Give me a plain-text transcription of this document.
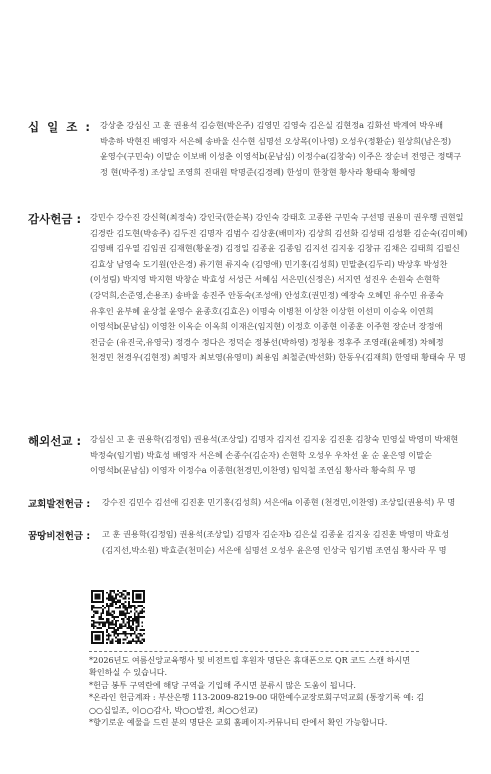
십 일 조 : 강상춘 강심신 고 훈 권용석 김승현(박은주) 김영민 김영숙 김은실 김현정a 김화선 박계여 박우배 박총하 박현진 배영자 서은혜 송바울 신수현 심명선 오상목(이나영) 오성우(정환순) 원상희(남은정) 윤영수(구민숙) 이말순 이보배 이성춘 이영석b(문남심) 이정수a(김창숙) 이주은 장순녀 전영근 정택구 정 현(박주정) 조상일 조영희 진대원 탁명준(김경례) 한성미 한창현 황사라 황태숙 황혜영
감사헌금 :	강민수 강수진 강신혁(최정숙) 강인국(한순복) 강인숙 강태호 고종완 구민숙 구선명 권용미 권우행 권현일 김경란 김도현(박송주) 김두진 김명자 김범수 김상훈(배미자) 김상희 김선화 김성태 김성환 김순숙(김미혜) 김영배 김우열 김임권 김재현(황윤경) 김정일 김종윤 김종임 김지선 김지웅 김창규 김채은 김태희 김필신 김효상 남영숙 도기원(안은경) 류기현 류지숙 (김영애) 민기홍(김성희) 민말춘(김두리) 박상후 박성찬(이성림) 박지영 박지현 박창순 박효성 서성근 서혜심 서은민(신정은) 서지연 성진우 손원숙 손현학(강덕희,손준영,손용조) 송바울 송진주 안동숙(조성애) 안성호(권민정) 예장숙 오혜민 유수민 유종숙 유후인 윤부혜 윤상철 윤영수 윤종호(김효은) 이명숙 이병천 이상찬 이상헌 이선미 이승옥 이연희 이영석b(문남심) 이영찬 이옥순 이옥희 이재은(임지현) 이정호 이종현 이종훈 이주현 장순녀 장정애 전금순 (유진국,유영국) 정경수 정다은 정덕순 정봉선(박하영) 정청용 정후주 조영래(윤혜정) 차혜정 천경민 천경우(김현정) 최명자 최보영(유영미) 최용임 최철준(박선화) 한동우(김재희) 한영태 황태숙 무 명
해외선교 :	강심신 고 훈 권용학(김정임) 권용석(조상일) 김명자 김지선 김지웅 김진훈 김창숙 민영실 박영미 박채현 박정숙(임기범) 박효성 배영자 서은혜 손종수(김순자) 손현학 오성우 우차선 윤 순 윤은영 이말순 이영석b(문남심) 이영자 이정수a 이종현(천경민,이찬영) 임익철 조연심 황사라 황숙희 무 명
교회발전헌금 :	강수진 김민수 김선애 김진훈 민기홍(김성희) 서은애a 이종현 (천경민,이찬영) 조상일(권용석) 무 명
꿈땅비전헌금 :	고 훈 권용학(김정임) 권용석(조상일) 김명자 김순자b 김은실 김종윤 김지웅 김진훈 박영미 박효성 (김지선,박소원) 박효준(천미순) 서은애 심명선 오성우 윤은영 인상국 임기범 조연심 황사라 무 명

*2026년도 여름신앙교육행사 및 비전트립 후원자 명단은 휴대폰으로 QR 코드 스캔 하시면 확인하실 수 있습니다.

*헌금 봉투 구역란에 해당 구역을 기입해 주시면 분류시 많은 도움이 됩니다.

*온라인 헌금계좌 : 부산은행 113-2009-8219-00 대한예수교장로회구덕교회 (통장기록 예: 김○○십일조, 이○○감사, 박○○발전, 최○○선교)

*향기로운 예물을 드린 분의 명단은 교회 홈페이지-커뮤니티 란에서 확인 가능합니다.
